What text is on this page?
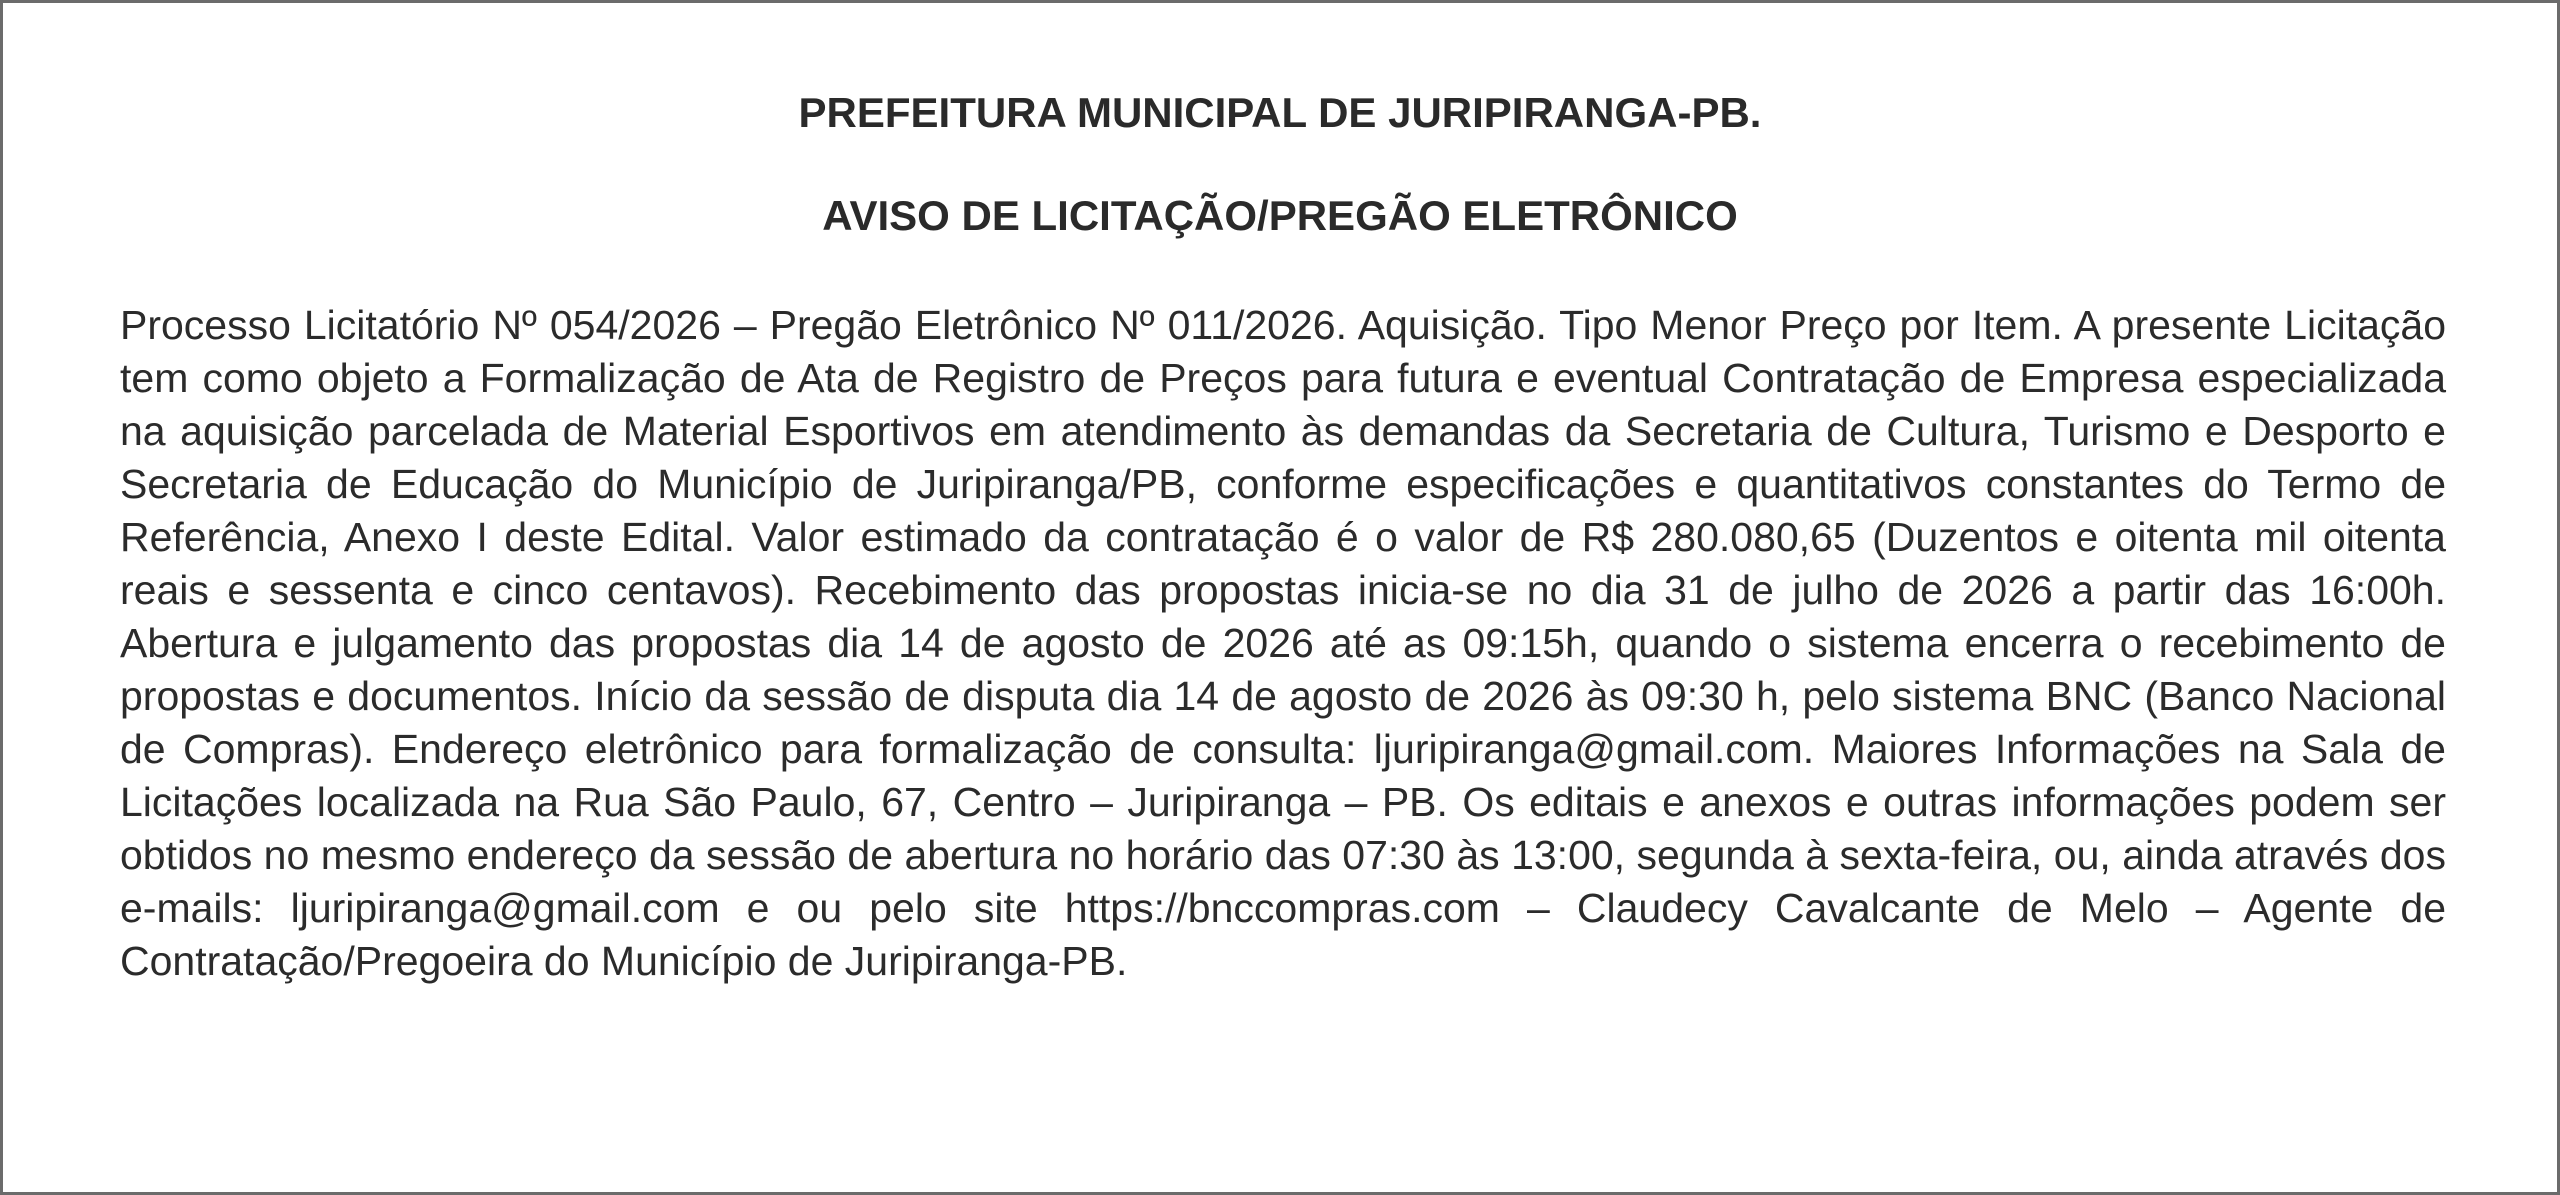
PREFEITURA MUNICIPAL DE JURIPIRANGA-PB.
AVISO DE LICITAÇÃO/PREGÃO ELETRÔNICO

Processo Licitatório Nº 054/2026 – Pregão Eletrônico Nº 011/2026. Aquisição. Tipo Menor Preço por Item. A presente Licitação tem como objeto a Formalização de Ata de Registro de Preços para futura e eventual Contratação de Empresa especializada na aquisição parcelada de Material Esportivos em atendimento às demandas da Secretaria de Cultura, Turismo e Desporto e Secretaria de Educação do Município de Juripiranga/PB, conforme especificações e quantitativos constantes do Termo de Referência, Anexo I deste Edital. Valor estimado da contratação é o valor de R$ 280.080,65 (Duzentos e oitenta mil oitenta reais e sessenta e cinco centavos). Recebimento das propostas inicia-se no dia 31 de julho de 2026 a partir das 16:00h. Abertura e julgamento das propostas dia 14 de agosto de 2026 até as 09:15h, quando o sistema encerra o recebimento de propostas e documentos. Início da sessão de disputa dia 14 de agosto de 2026 às 09:30 h, pelo sistema BNC (Banco Nacional de Compras). Endereço eletrônico para formalização de consulta: ljuripiranga@gmail.com. Maiores Informações na Sala de Licitações localizada na Rua São Paulo, 67, Centro – Juripiranga – PB. Os editais e anexos e outras informações podem ser obtidos no mesmo endereço da sessão de abertura no horário das 07:30 às 13:00, segunda à sexta-feira, ou, ainda através dos e-mails: ljuripiranga@gmail.com e ou pelo site https://bnccompras.com – Claudecy Cavalcante de Melo – Agente de Contratação/Pregoeira do Município de Juripiranga-PB.
